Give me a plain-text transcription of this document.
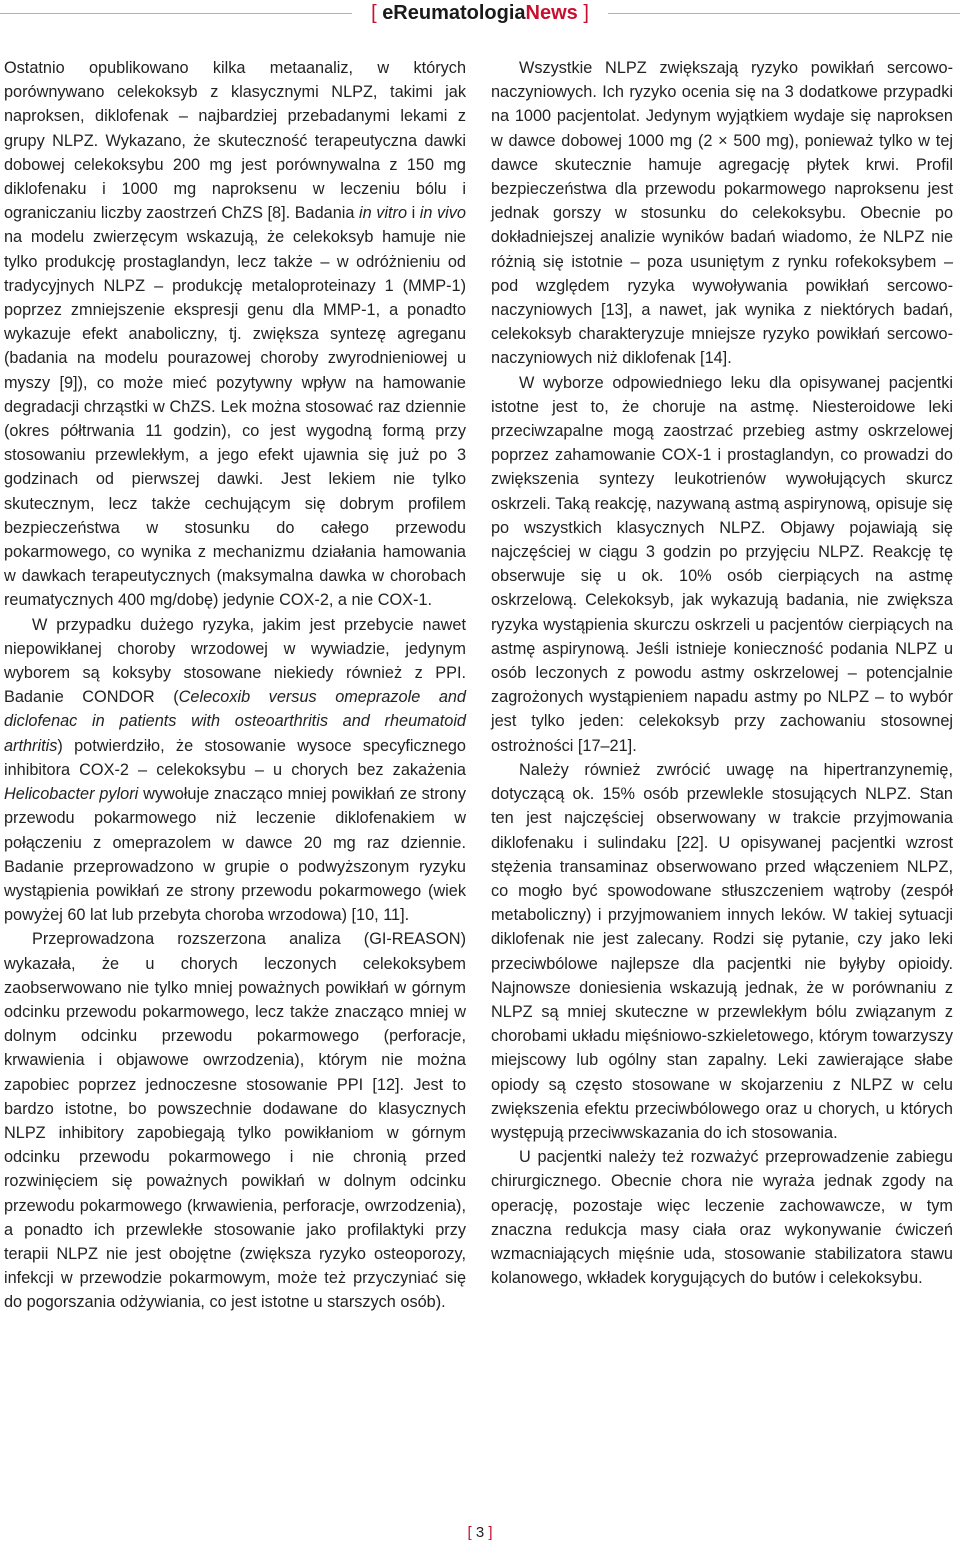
[ eReumatologiaNews ]

Ostatnio opublikowano kilka metaanaliz, w których porównywano celekoksyb z klasycznymi NLPZ, takimi jak naproksen, diklofenak – najbardziej przebadanymi lekami z grupy NLPZ. Wykazano, że skuteczność terapeutyczna dawki dobowej celekoksybu 200 mg jest porównywalna z 150 mg diklofenaku i 1000 mg naproksenu w leczeniu bólu i ograniczaniu liczby zaostrzeń ChZS [8]. Badania in vitro i in vivo na modelu zwierzęcym wskazują, że celekoksyb hamuje nie tylko produkcję prostaglandyn, lecz także – w odróżnieniu od tradycyjnych NLPZ – produkcję metaloproteinazy 1 (MMP-1) poprzez zmniejszenie ekspresji genu dla MMP-1, a ponadto wykazuje efekt anaboliczny, tj. zwiększa syntezę agreganu (badania na modelu pourazowej choroby zwyrodnieniowej u myszy [9]), co może mieć pozytywny wpływ na hamowanie degradacji chrząstki w ChZS. Lek można stosować raz dziennie (okres półtrwania 11 godzin), co jest wygodną formą przy stosowaniu przewlekłym, a jego efekt ujawnia się już po 3 godzinach od pierwszej dawki. Jest lekiem nie tylko skutecznym, lecz także cechującym się dobrym profilem bezpieczeństwa w stosunku do całego przewodu pokarmowego, co wynika z mechanizmu działania hamowania w dawkach terapeutycznych (maksymalna dawka w chorobach reumatycznych 400 mg/dobę) jedynie COX-2, a nie COX-1.

W przypadku dużego ryzyka, jakim jest przebycie nawet niepowikłanej choroby wrzodowej w wywiadzie, jedynym wyborem są koksyby stosowane niekiedy również z PPI. Badanie CONDOR (Celecoxib versus omeprazole and diclofenac in patients with osteoarthritis and rheumatoid arthritis) potwierdziło, że stosowanie wysoce specyficznego inhibitora COX-2 – celekoksybu – u chorych bez zakażenia Helicobacter pylori wywołuje znacząco mniej powikłań ze strony przewodu pokarmowego niż leczenie diklofenakiem w połączeniu z omeprazolem w dawce 20 mg raz dziennie. Badanie przeprowadzono w grupie o podwyższonym ryzyku wystąpienia powikłań ze strony przewodu pokarmowego (wiek powyżej 60 lat lub przebyta choroba wrzodowa) [10, 11].

Przeprowadzona rozszerzona analiza (GI-REASON) wykazała, że u chorych leczonych celekoksybem zaobserwowano nie tylko mniej poważnych powikłań w górnym odcinku przewodu pokarmowego, lecz także znacząco mniej w dolnym odcinku przewodu pokarmowego (perforacje, krwawienia i objawowe owrzodzenia), którym nie można zapobiec poprzez jednoczesne stosowanie PPI [12]. Jest to bardzo istotne, bo powszechnie dodawane do klasycznych NLPZ inhibitory zapobiegają tylko powikłaniom w górnym odcinku przewodu pokarmowego i nie chronią przed rozwinięciem się poważnych powikłań w dolnym odcinku przewodu pokarmowego (krwawienia, perforacje, owrzodzenia), a ponadto ich przewlekłe stosowanie jako profilaktyki przy terapii NLPZ nie jest obojętne (zwiększa ryzyko osteoporozy, infekcji w przewodzie pokarmowym, może też przyczyniać się do pogorszania odżywiania, co jest istotne u starszych osób).

Wszystkie NLPZ zwiększają ryzyko powikłań sercowo-naczyniowych. Ich ryzyko ocenia się na 3 dodatkowe przypadki na 1000 pacjentolat. Jedynym wyjątkiem wydaje się naproksen w dawce dobowej 1000 mg (2 × 500 mg), ponieważ tylko w tej dawce skutecznie hamuje agregację płytek krwi. Profil bezpieczeństwa dla przewodu pokarmowego naproksenu jest jednak gorszy w stosunku do celekoksybu. Obecnie po dokładniejszej analizie wyników badań wiadomo, że NLPZ nie różnią się istotnie – poza usuniętym z rynku rofekoksybem – pod względem ryzyka wywoływania powikłań sercowo-naczyniowych [13], a nawet, jak wynika z niektórych badań, celekoksyb charakteryzuje mniejsze ryzyko powikłań sercowo-naczyniowych niż diklofenak [14].

W wyborze odpowiedniego leku dla opisywanej pacjentki istotne jest to, że choruje na astmę. Niesteroidowe leki przeciwzapalne mogą zaostrzać przebieg astmy oskrzelowej poprzez zahamowanie COX-1 i prostaglandyn, co prowadzi do zwiększenia syntezy leukotrienów wywołujących skurcz oskrzeli. Taką reakcję, nazywaną astmą aspirynową, opisuje się po wszystkich klasycznych NLPZ. Objawy pojawiają się najczęściej w ciągu 3 godzin po przyjęciu NLPZ. Reakcję tę obserwuje się u ok. 10% osób cierpiących na astmę oskrzelową. Celekoksyb, jak wykazują badania, nie zwiększa ryzyka wystąpienia skurczu oskrzeli u pacjentów cierpiących na astmę aspirynową. Jeśli istnieje konieczność podania NLPZ u osób leczonych z powodu astmy oskrzelowej – potencjalnie zagrożonych wystąpieniem napadu astmy po NLPZ – to wybór jest tylko jeden: celekoksyb przy zachowaniu stosownej ostrożności [17–21].

Należy również zwrócić uwagę na hipertranzynemię, dotyczącą ok. 15% osób przewlekle stosujących NLPZ. Stan ten jest najczęściej obserwowany w trakcie przyjmowania diklofenaku i sulindaku [22]. U opisywanej pacjentki wzrost stężenia transaminaz obserwowano przed włączeniem NLPZ, co mogło być spowodowane stłuszczeniem wątroby (zespół metaboliczny) i przyjmowaniem innych leków. W takiej sytuacji diklofenak nie jest zalecany. Rodzi się pytanie, czy jako leki przeciwbólowe najlepsze dla pacjentki nie byłyby opioidy. Najnowsze doniesienia wskazują jednak, że w porównaniu z NLPZ są mniej skuteczne w przewlekłym bólu związanym z chorobami układu mięśniowo-szkieletowego, którym towarzyszy miejscowy lub ogólny stan zapalny. Leki zawierające słabe opiody są często stosowane w skojarzeniu z NLPZ w celu zwiększenia efektu przeciwbólowego oraz u chorych, u których występują przeciwwskazania do ich stosowania.

U pacjentki należy też rozważyć przeprowadzenie zabiegu chirurgicznego. Obecnie chora nie wyraża jednak zgody na operację, pozostaje więc leczenie zachowawcze, w tym znaczna redukcja masy ciała oraz wykonywanie ćwiczeń wzmacniających mięśnie uda, stosowanie stabilizatora stawu kolanowego, wkładek korygujących do butów i celekoksybu.

[ 3 ]
